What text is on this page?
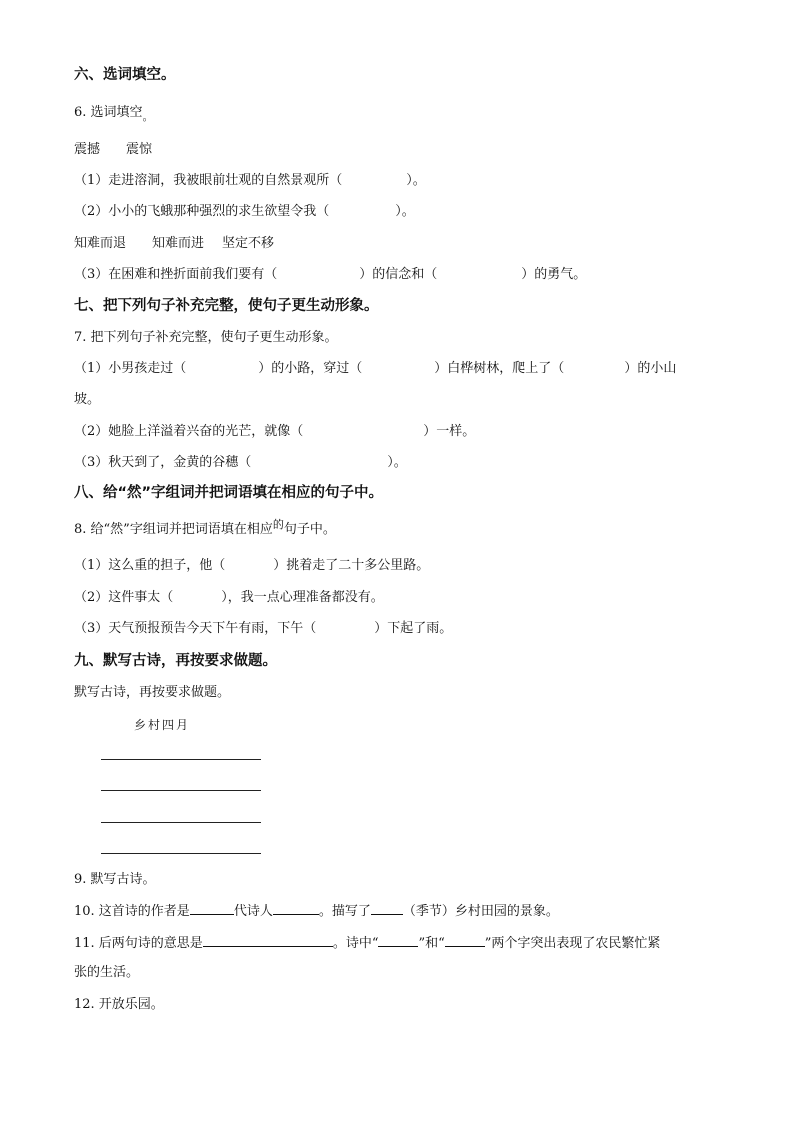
六、选词填空。
6. 选词填空$_。$
震撼 震惊
（1）走进溶洞，我被眼前壮观的自然景观所（	）。
（2）小小的飞蛾那种强烈的求生欲望令我（	）。
知难而退 知难而进 坚定不移
（3）在困难和挫折面前我们要有（	）的信念和（	）的勇气。
七、把下列句子补充完整，使句子更生动形象。
7. 把下列句子补充完整，使句子更生动形象。
（1）小男孩走过（	）的小路，穿过（	）白桦树林，爬上了（	）的小山
坡。
（2）她脸上洋溢着兴奋的光芒，就像（	）一样。
（3）秋天到了，金黄的谷穗（	）。
八、给“然”字组词并把词语填在相应的句子中。
8. 给“然”字组词并把词语填在相应$^的$句子中。
（1）这么重的担子，他（	）挑着走了二十多公里路。
（2）这件事太（	），我一点心理准备都没有。
（3）天气预报预告今天下午有雨，下午（	）下起了雨。
九、默写古诗，再按要求做题。
默写古诗，再按要求做题。
乡村四月
9. 默写古诗。
10. 这首诗的作者是	代诗人	。描写了 （季节）乡村田园的景象。
11. 后两句诗的意思是	。诗中“	”和“	”两个字突出表现了农民繁忙紧
张的生活。
12. 开放乐园。
